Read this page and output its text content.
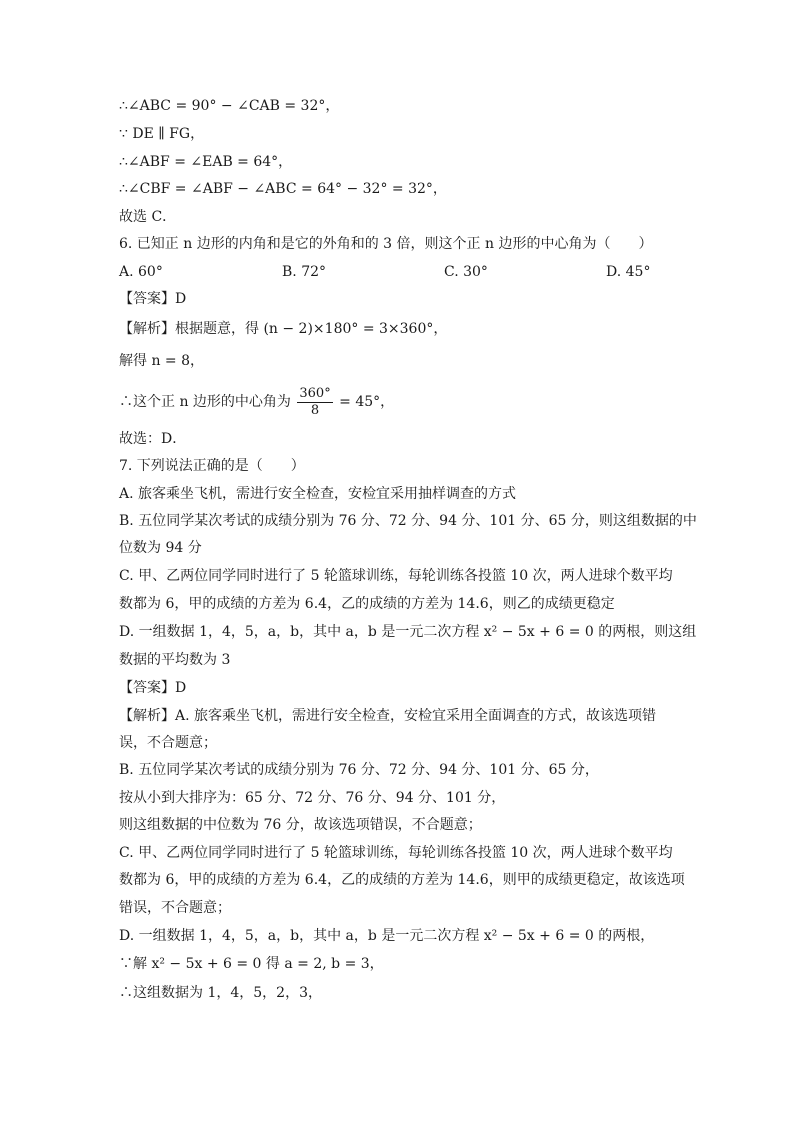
∴∠ABC = 90° − ∠CAB = 32°，
∵ DE ∥ FG，
∴∠ABF = ∠EAB = 64°，
∴∠CBF = ∠ABF − ∠ABC = 64° − 32° = 32°，
故选 C．
6. 已知正 n 边形的内角和是它的外角和的 3 倍，则这个正 n 边形的中心角为（　　）
A. 60°	B. 72°	C. 30°	D. 45°
【答案】D
【解析】根据题意，得 (n − 2)×180° = 3×360°，
解得 n = 8，
∴这个正 n 边形的中心角为 $\frac{360^\circ}{8} = 45^\circ$，
故选：D．
7. 下列说法正确的是（　　）
A. 旅客乘坐飞机，需进行安全检查，安检宜采用抽样调查的方式
B. 五位同学某次考试的成绩分别为 76 分、72 分、94 分、101 分、65 分，则这组数据的中
位数为 94 分
C. 甲、乙两位同学同时进行了 5 轮篮球训练，每轮训练各投篮 10 次，两人进球个数平均
数都为 6，甲的成绩的方差为 6.4，乙的成绩的方差为 14.6，则乙的成绩更稳定
D. 一组数据 1，4，5，a，b，其中 a，b 是一元二次方程 x² − 5x + 6 = 0 的两根，则这组
数据的平均数为 3
【答案】D
【解析】A. 旅客乘坐飞机，需进行安全检查，安检宜采用全面调查的方式，故该选项错
误，不合题意；
B. 五位同学某次考试的成绩分别为 76 分、72 分、94 分、101 分、65 分，
按从小到大排序为：65 分、72 分、76 分、94 分、101 分，
则这组数据的中位数为 76 分，故该选项错误，不合题意；
C. 甲、乙两位同学同时进行了 5 轮篮球训练，每轮训练各投篮 10 次，两人进球个数平均
数都为 6，甲的成绩的方差为 6.4，乙的成绩的方差为 14.6，则甲的成绩更稳定，故该选项
错误，不合题意；
D. 一组数据 1，4，5，a，b，其中 a，b 是一元二次方程 x² − 5x + 6 = 0 的两根，
∵解 x² − 5x + 6 = 0 得 a = 2, b = 3，
∴这组数据为 1，4，5，2，3，
